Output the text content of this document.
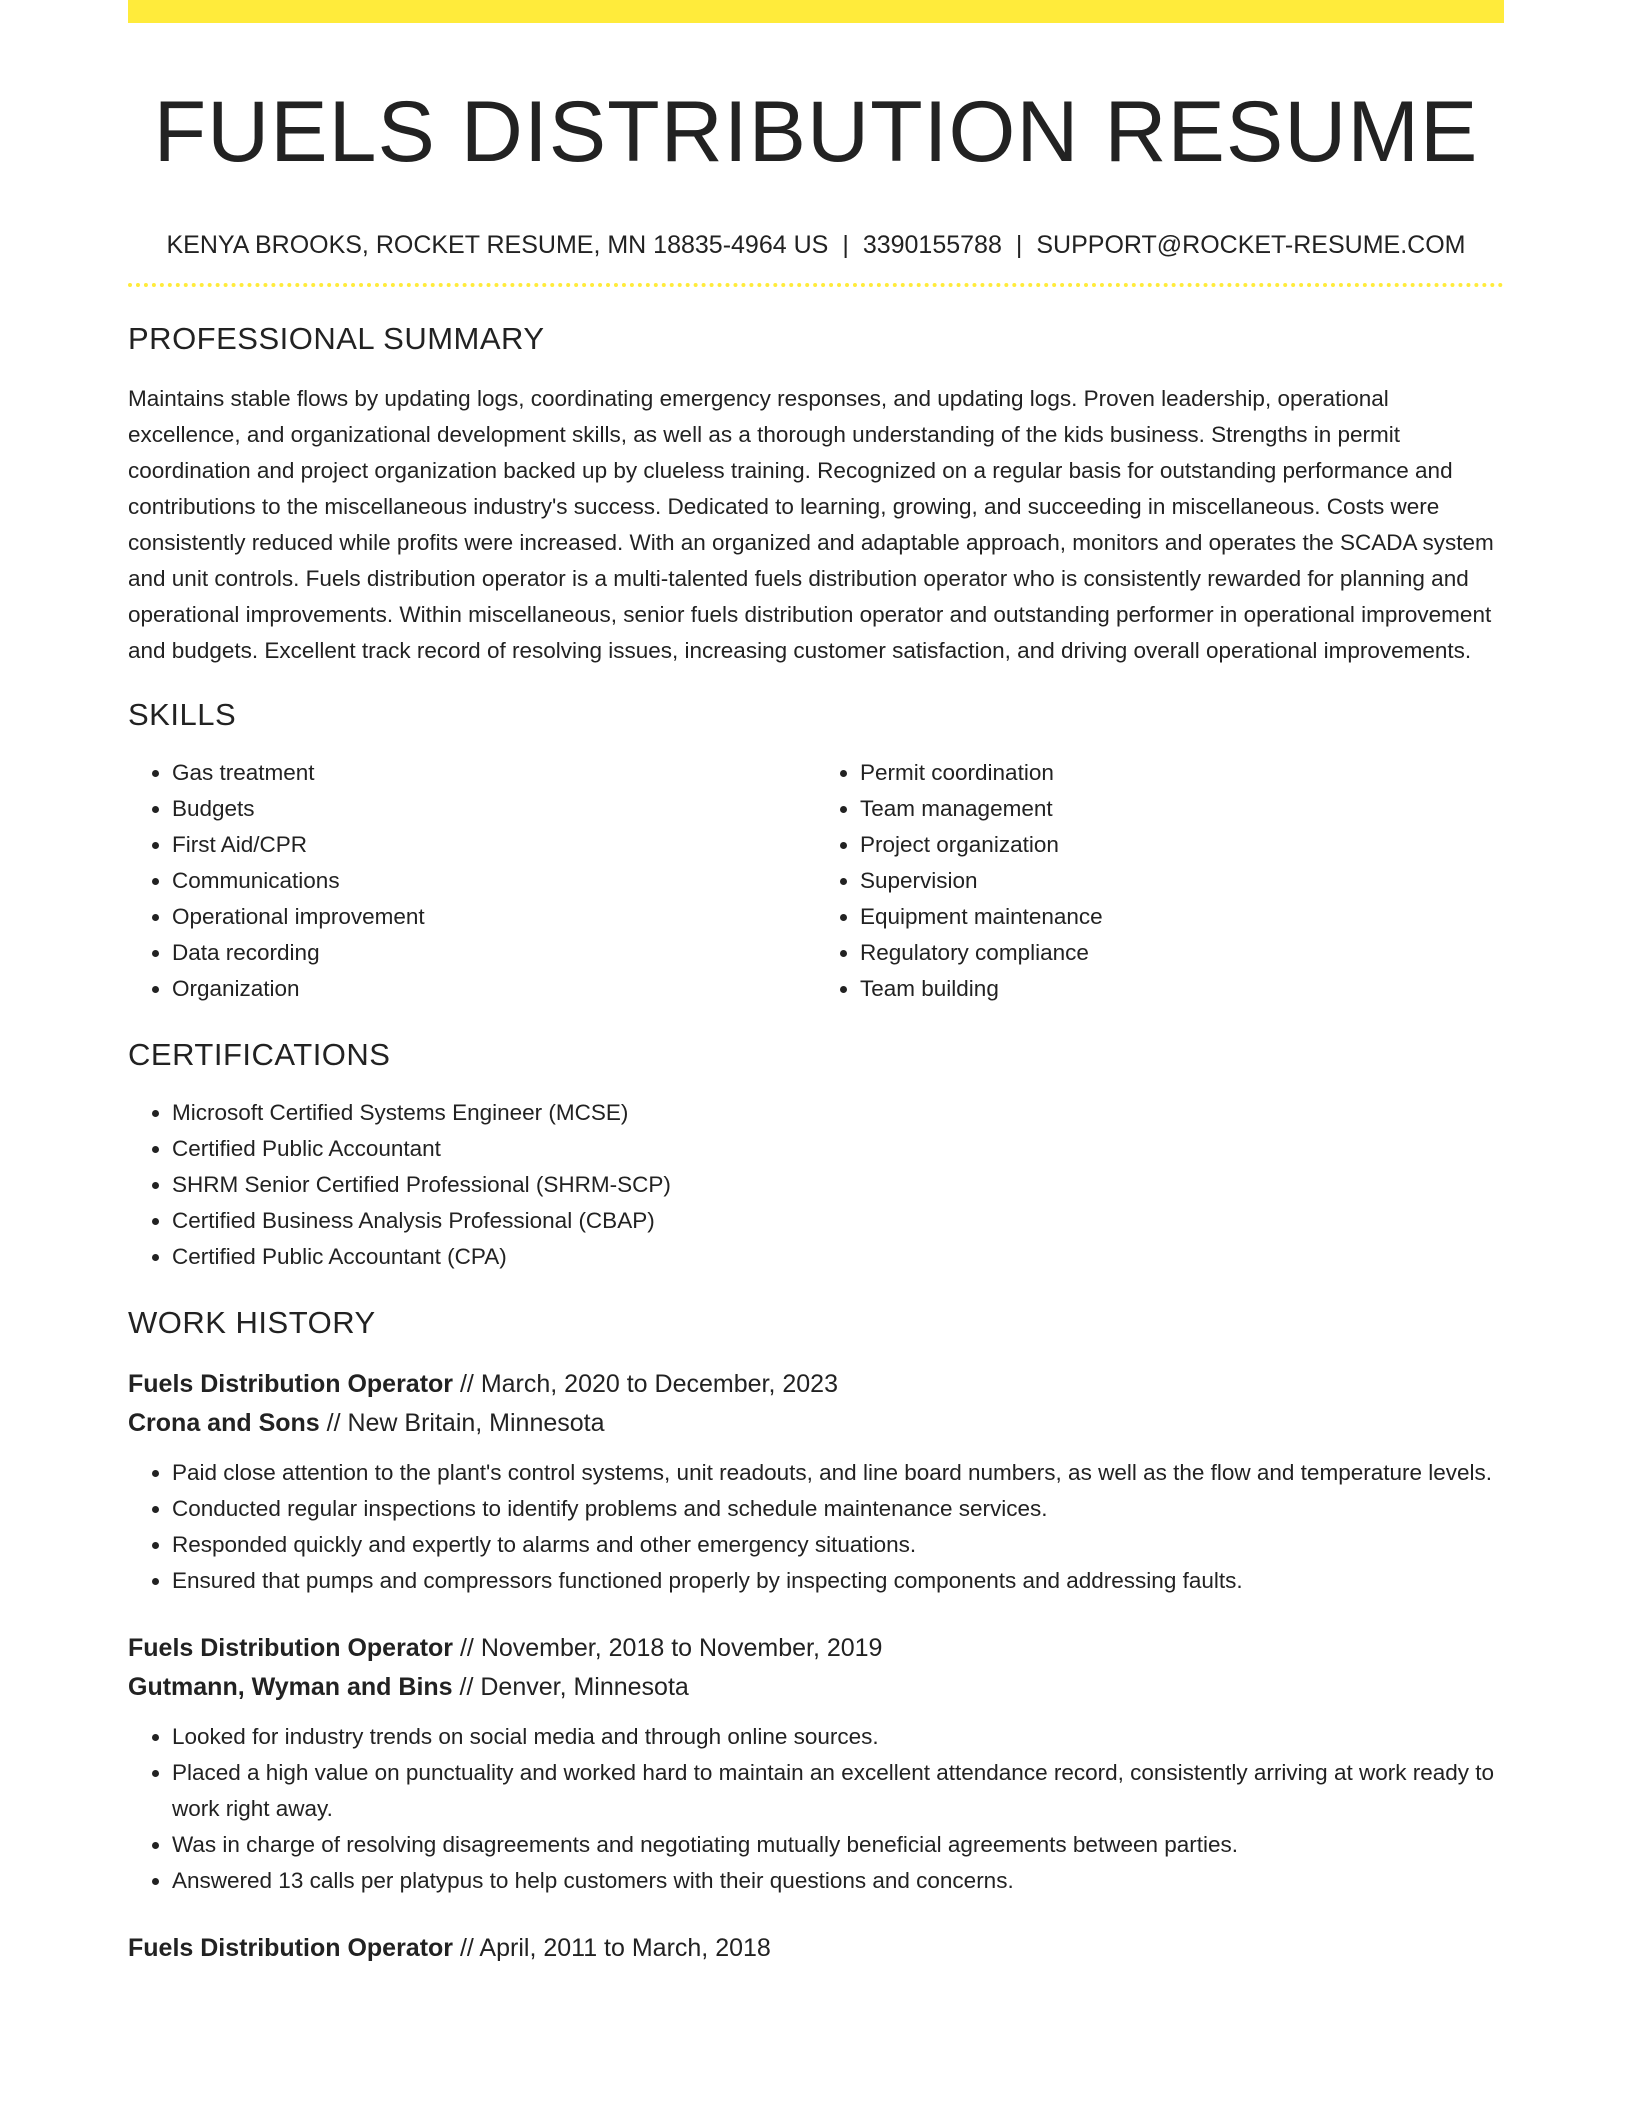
FUELS DISTRIBUTION RESUME
KENYA BROOKS, ROCKET RESUME, MN 18835-4964 US | 3390155788 | SUPPORT@ROCKET-RESUME.COM
PROFESSIONAL SUMMARY
Maintains stable flows by updating logs, coordinating emergency responses, and updating logs. Proven leadership, operational excellence, and organizational development skills, as well as a thorough understanding of the kids business. Strengths in permit coordination and project organization backed up by clueless training. Recognized on a regular basis for outstanding performance and contributions to the miscellaneous industry's success. Dedicated to learning, growing, and succeeding in miscellaneous. Costs were consistently reduced while profits were increased. With an organized and adaptable approach, monitors and operates the SCADA system and unit controls. Fuels distribution operator is a multi-talented fuels distribution operator who is consistently rewarded for planning and operational improvements. Within miscellaneous, senior fuels distribution operator and outstanding performer in operational improvement and budgets. Excellent track record of resolving issues, increasing customer satisfaction, and driving overall operational improvements.
SKILLS
• Gas treatment
• Budgets
• First Aid/CPR
• Communications
• Operational improvement
• Data recording
• Organization
• Permit coordination
• Team management
• Project organization
• Supervision
• Equipment maintenance
• Regulatory compliance
• Team building
CERTIFICATIONS
• Microsoft Certified Systems Engineer (MCSE)
• Certified Public Accountant
• SHRM Senior Certified Professional (SHRM-SCP)
• Certified Business Analysis Professional (CBAP)
• Certified Public Accountant (CPA)
WORK HISTORY
Fuels Distribution Operator // March, 2020 to December, 2023
Crona and Sons // New Britain, Minnesota
• Paid close attention to the plant's control systems, unit readouts, and line board numbers, as well as the flow and temperature levels.
• Conducted regular inspections to identify problems and schedule maintenance services.
• Responded quickly and expertly to alarms and other emergency situations.
• Ensured that pumps and compressors functioned properly by inspecting components and addressing faults.
Fuels Distribution Operator // November, 2018 to November, 2019
Gutmann, Wyman and Bins // Denver, Minnesota
• Looked for industry trends on social media and through online sources.
• Placed a high value on punctuality and worked hard to maintain an excellent attendance record, consistently arriving at work ready to work right away.
• Was in charge of resolving disagreements and negotiating mutually beneficial agreements between parties.
• Answered 13 calls per platypus to help customers with their questions and concerns.
Fuels Distribution Operator // April, 2011 to March, 2018
